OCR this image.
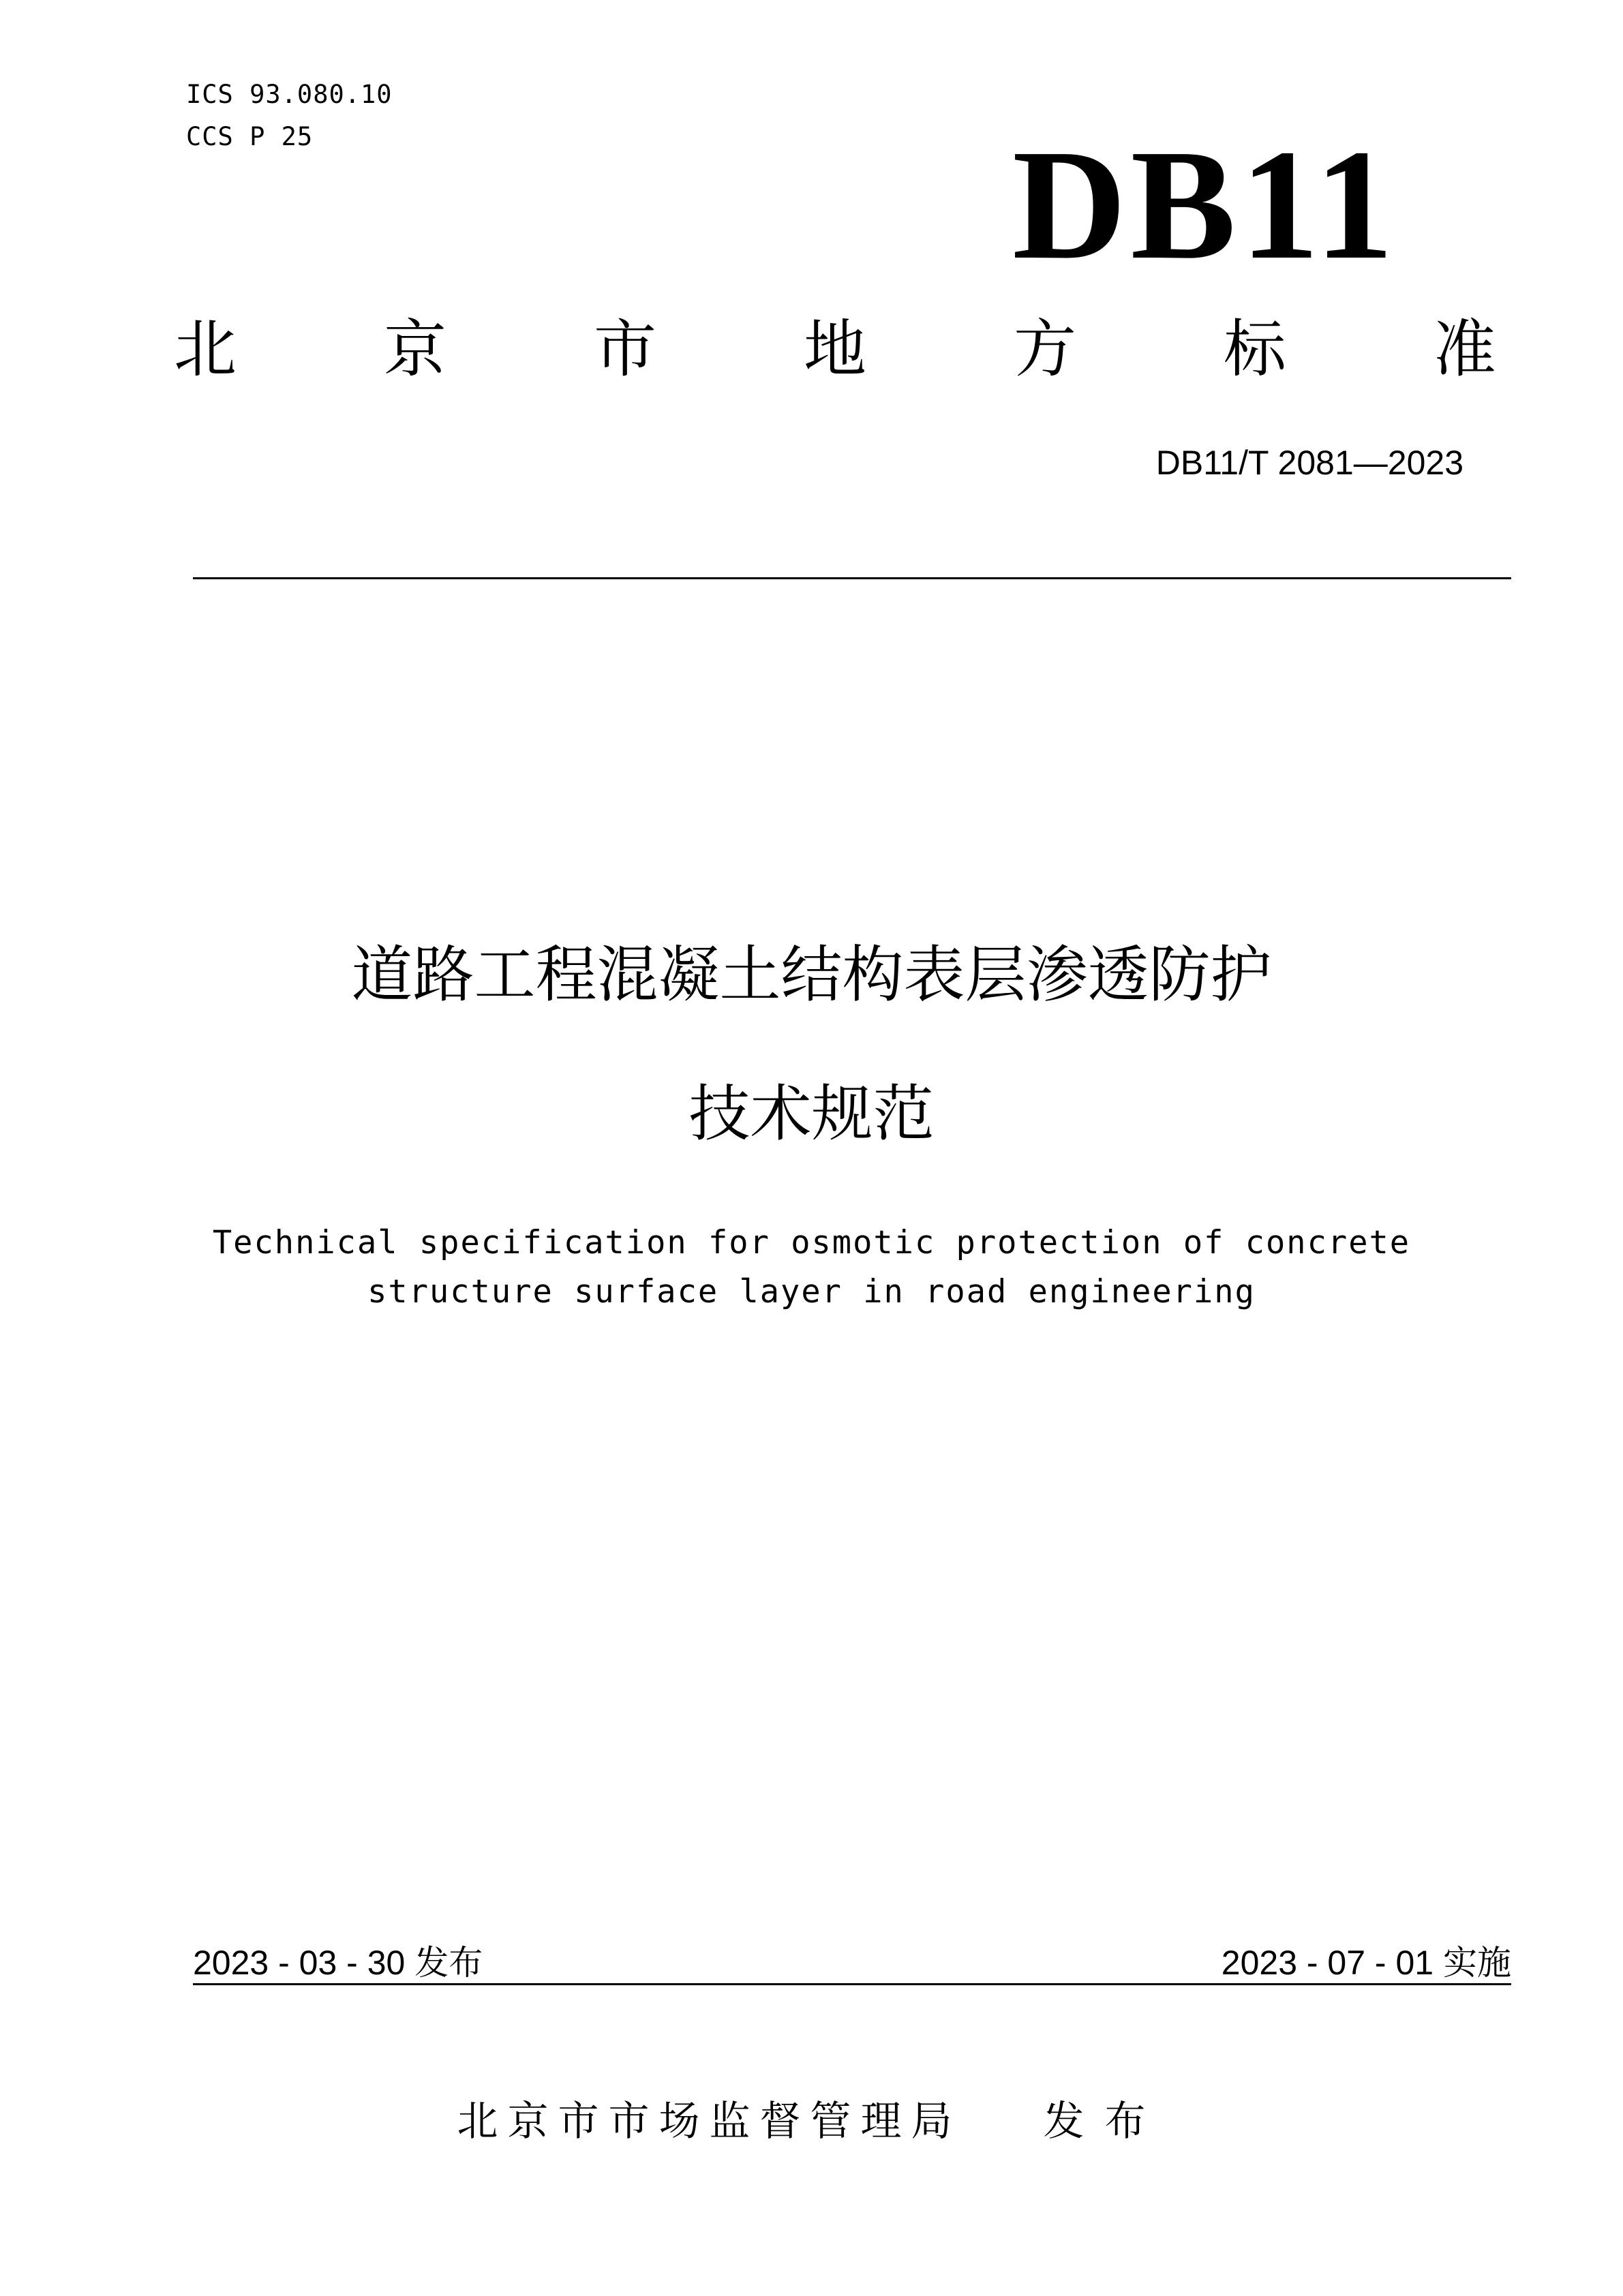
ICS 93.080.10
CCS P 25	DB11
北 京 市 地 方 标 准
DB11/T 2081—2023
道路工程混凝土结构表层渗透防护
技术规范
Technical specification for osmotic protection of concrete
structure surface layer in road engineering
2023 - 03 - 30 发布	2023 - 07 - 01 实施
北京市市场监督管理局 发布
